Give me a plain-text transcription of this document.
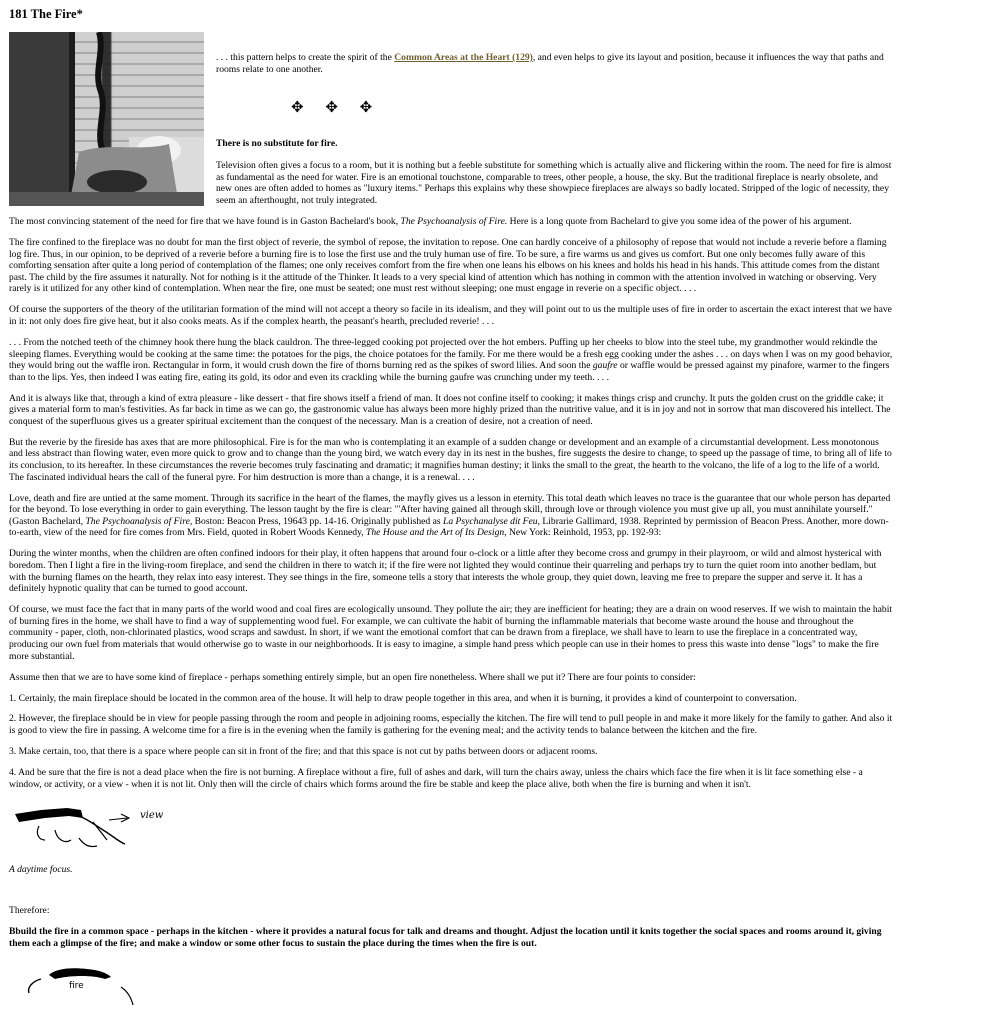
181 The Fire*

. . . this pattern helps to create the spirit of the Common Areas at the Heart (129), and even helps to give its layout and position, because it influences the way that paths and rooms relate to one another.

✥ ✥ ✥

There is no substitute for fire.

Television often gives a focus to a room, but it is nothing but a feeble substitute for something which is actually alive and flickering within the room. The need for fire is almost as fundamental as the need for water. Fire is an emotional touchstone, comparable to trees, other people, a house, the sky. But the traditional fireplace is nearly obsolete, and new ones are often added to homes as "luxury items." Perhaps this explains why these showpiece fireplaces are always so badly located. Stripped of the logic of necessity, they seem an afterthought, not truly integrated.

The most convincing statement of the need for fire that we have found is in Gaston Bachelard's book, The Psychoanalysis of Fire. Here is a long quote from Bachelard to give you some idea of the power of his argument.

The fire confined to the fireplace was no doubt for man the first object of reverie, the symbol of repose, the invitation to repose. One can hardly conceive of a philosophy of repose that would not include a reverie before a flaming log fire. Thus, in our opinion, to be deprived of a reverie before a burning fire is to lose the first use and the truly human use of fire. To be sure, a fire warms us and gives us comfort. But one only becomes fully aware of this comforting sensation after quite a long period of contemplation of the flames; one only receives comfort from the fire when one leans his elbows on his knees and holds his head in his hands. This attitude comes from the distant past. The child by the fire assumes it naturally. Not for nothing is it the attitude of the Thinker. It leads to a very special kind of attention which has nothing in common with the attention involved in watching or observing. Very rarely is it utilized for any other kind of contemplation. When near the fire, one must be seated; one must rest without sleeping; one must engage in reverie on a specific object. . . .

Of course the supporters of the theory of the utilitarian formation of the mind will not accept a theory so facile in its idealism, and they will point out to us the multiple uses of fire in order to ascertain the exact interest that we have in it: not only does fire give heat, but it also cooks meats. As if the complex hearth, the peasant's hearth, precluded reverie! . . .

. . . From the notched teeth of the chimney hook there hung the black cauldron. The three-legged cooking pot projected over the hot embers. Puffing up her cheeks to blow into the steel tube, my grandmother would rekindle the sleeping flames. Everything would be cooking at the same time: the potatoes for the pigs, the choice potatoes for the family. For me there would be a fresh egg cooking under the ashes . . . on days when I was on my good behavior, they would bring out the waffle iron. Rectangular in form, it would crush down the fire of thorns burning red as the spikes of sword lilies. And soon the gaufre or waffle would be pressed against my pinafore, warmer to the fingers than to the lips. Yes, then indeed I was eating fire, eating its gold, its odor and even its crackling while the burning gaufre was crunching under my teeth. . . .

And it is always like that, through a kind of extra pleasure - like dessert - that fire shows itself a friend of man. It does not confine itself to cooking; it makes things crisp and crunchy. It puts the golden crust on the griddle cake; it gives a material form to man's festivities. As far back in time as we can go, the gastronomic value has always been more highly prized than the nutritive value, and it is in joy and not in sorrow that man discovered his intellect. The conquest of the superfluous gives us a greater spiritual excitement than the conquest of the necessary. Man is a creation of desire, not a creation of need.

But the reverie by the fireside has axes that are more philosophical. Fire is for the man who is contemplating it an example of a sudden change or development and an example of a circumstantial development. Less monotonous and less abstract than flowing water, even more quick to grow and to change than the young bird, we watch every day in its nest in the bushes, fire suggests the desire to change, to speed up the passage of time, to bring all of life to its conclusion, to its hereafter. In these circumstances the reverie becomes truly fascinating and dramatic; it magnifies human destiny; it links the small to the great, the hearth to the volcano, the life of a log to the life of a world. The fascinated individual hears the call of the funeral pyre. For him destruction is more than a change, it is a renewal. . . .

Love, death and fire are untied at the same moment. Through its sacrifice in the heart of the flames, the mayfly gives us a lesson in eternity. This total death which leaves no trace is the guarantee that our whole person has departed for the beyond. To lose everything in order to gain everything. The lesson taught by the fire is clear: "'After having gained all through skill, through love or through violence you must give up all, you must annihilate yourself." (Gaston Bachelard, The Psychoanalysis of Fire, Boston: Beacon Press, 19643 pp. 14-16. Originally published as La Psychanalyse dit Feu, Librarie Gallimard, 1938. Reprinted by permission of Beacon Press. Another, more down-to-earth, view of the need for fire comes from Mrs. Field, quoted in Robert Woods Kennedy, The House and the Art of Its Design, New York: Reinhold, 1953, pp. 192-93:

During the winter months, when the children are often confined indoors for their play, it often happens that around four o-clock or a little after they become cross and grumpy in their playroom, or wild and almost hysterical with boredom. Then I light a fire in the living-room fireplace, and send the children in there to watch it; if the fire were not lighted they would continue their quarreling and perhaps try to turn the quiet room into another bedlam, but with the burning flames on the hearth, they relax into easy interest. They see things in the fire, someone tells a story that interests the whole group, they quiet down, leaving me free to prepare the supper and serve it. It has a definitely hypnotic quality that can be turned to good account.

Of course, we must face the fact that in many parts of the world wood and coal fires are ecologically unsound. They pollute the air; they are inefficient for heating; they are a drain on wood reserves. If we wish to maintain the habit of burning fires in the home, we shall have to find a way of supplementing wood fuel. For example, we can cultivate the habit of burning the inflammable materials that become waste around the house and throughout the community - paper, cloth, non-chlorinated plastics, wood scraps and sawdust. In short, if we want the emotional comfort that can be drawn from a fireplace, we shall have to learn to use the fireplace in a concentrated way, producing our own fuel from materials that would otherwise go to waste in our neighborhoods. It is easy to imagine, a simple hand press which people can use in their homes to press this waste into dense "logs" to make the fire more substantial.

Assume then that we are to have some kind of fireplace - perhaps something entirely simple, but an open fire nonetheless. Where shall we put it? There are four points to consider:

1. Certainly, the main fireplace should be located in the common area of the house. It will help to draw people together in this area, and when it is burning, it provides a kind of counterpoint to conversation.

2. However, the fireplace should be in view for people passing through the room and people in adjoining rooms, especially the kitchen. The fire will tend to pull people in and make it more likely for the family to gather. And also it is good to view the fire in passing. A welcome time for a fire is in the evening when the family is gathering for the evening meal; and the activity tends to balance between the kitchen and the fire.

3. Make certain, too, that there is a space where people can sit in front of the fire; and that this space is not cut by paths between doors or adjacent rooms.

4. And be sure that the fire is not a dead place when the fire is not burning. A fireplace without a fire, full of ashes and dark, will turn the chairs away, unless the chairs which face the fire when it is lit face something else - a window, or activity, or a view - when it is not lit. Only then will the circle of chairs which forms around the fire be stable and keep the place alive, both when the fire is burning and when it isn't.

view

A daytime focus.

Therefore:

Bbuild the fire in a common space - perhaps in the kitchen - where it provides a natural focus for talk and dreams and thought. Adjust the location until it knits together the social spaces and rooms around it, giving them each a glimpse of the fire; and make a window or some other focus to sustain the place during the times when the fire is out.

fire
